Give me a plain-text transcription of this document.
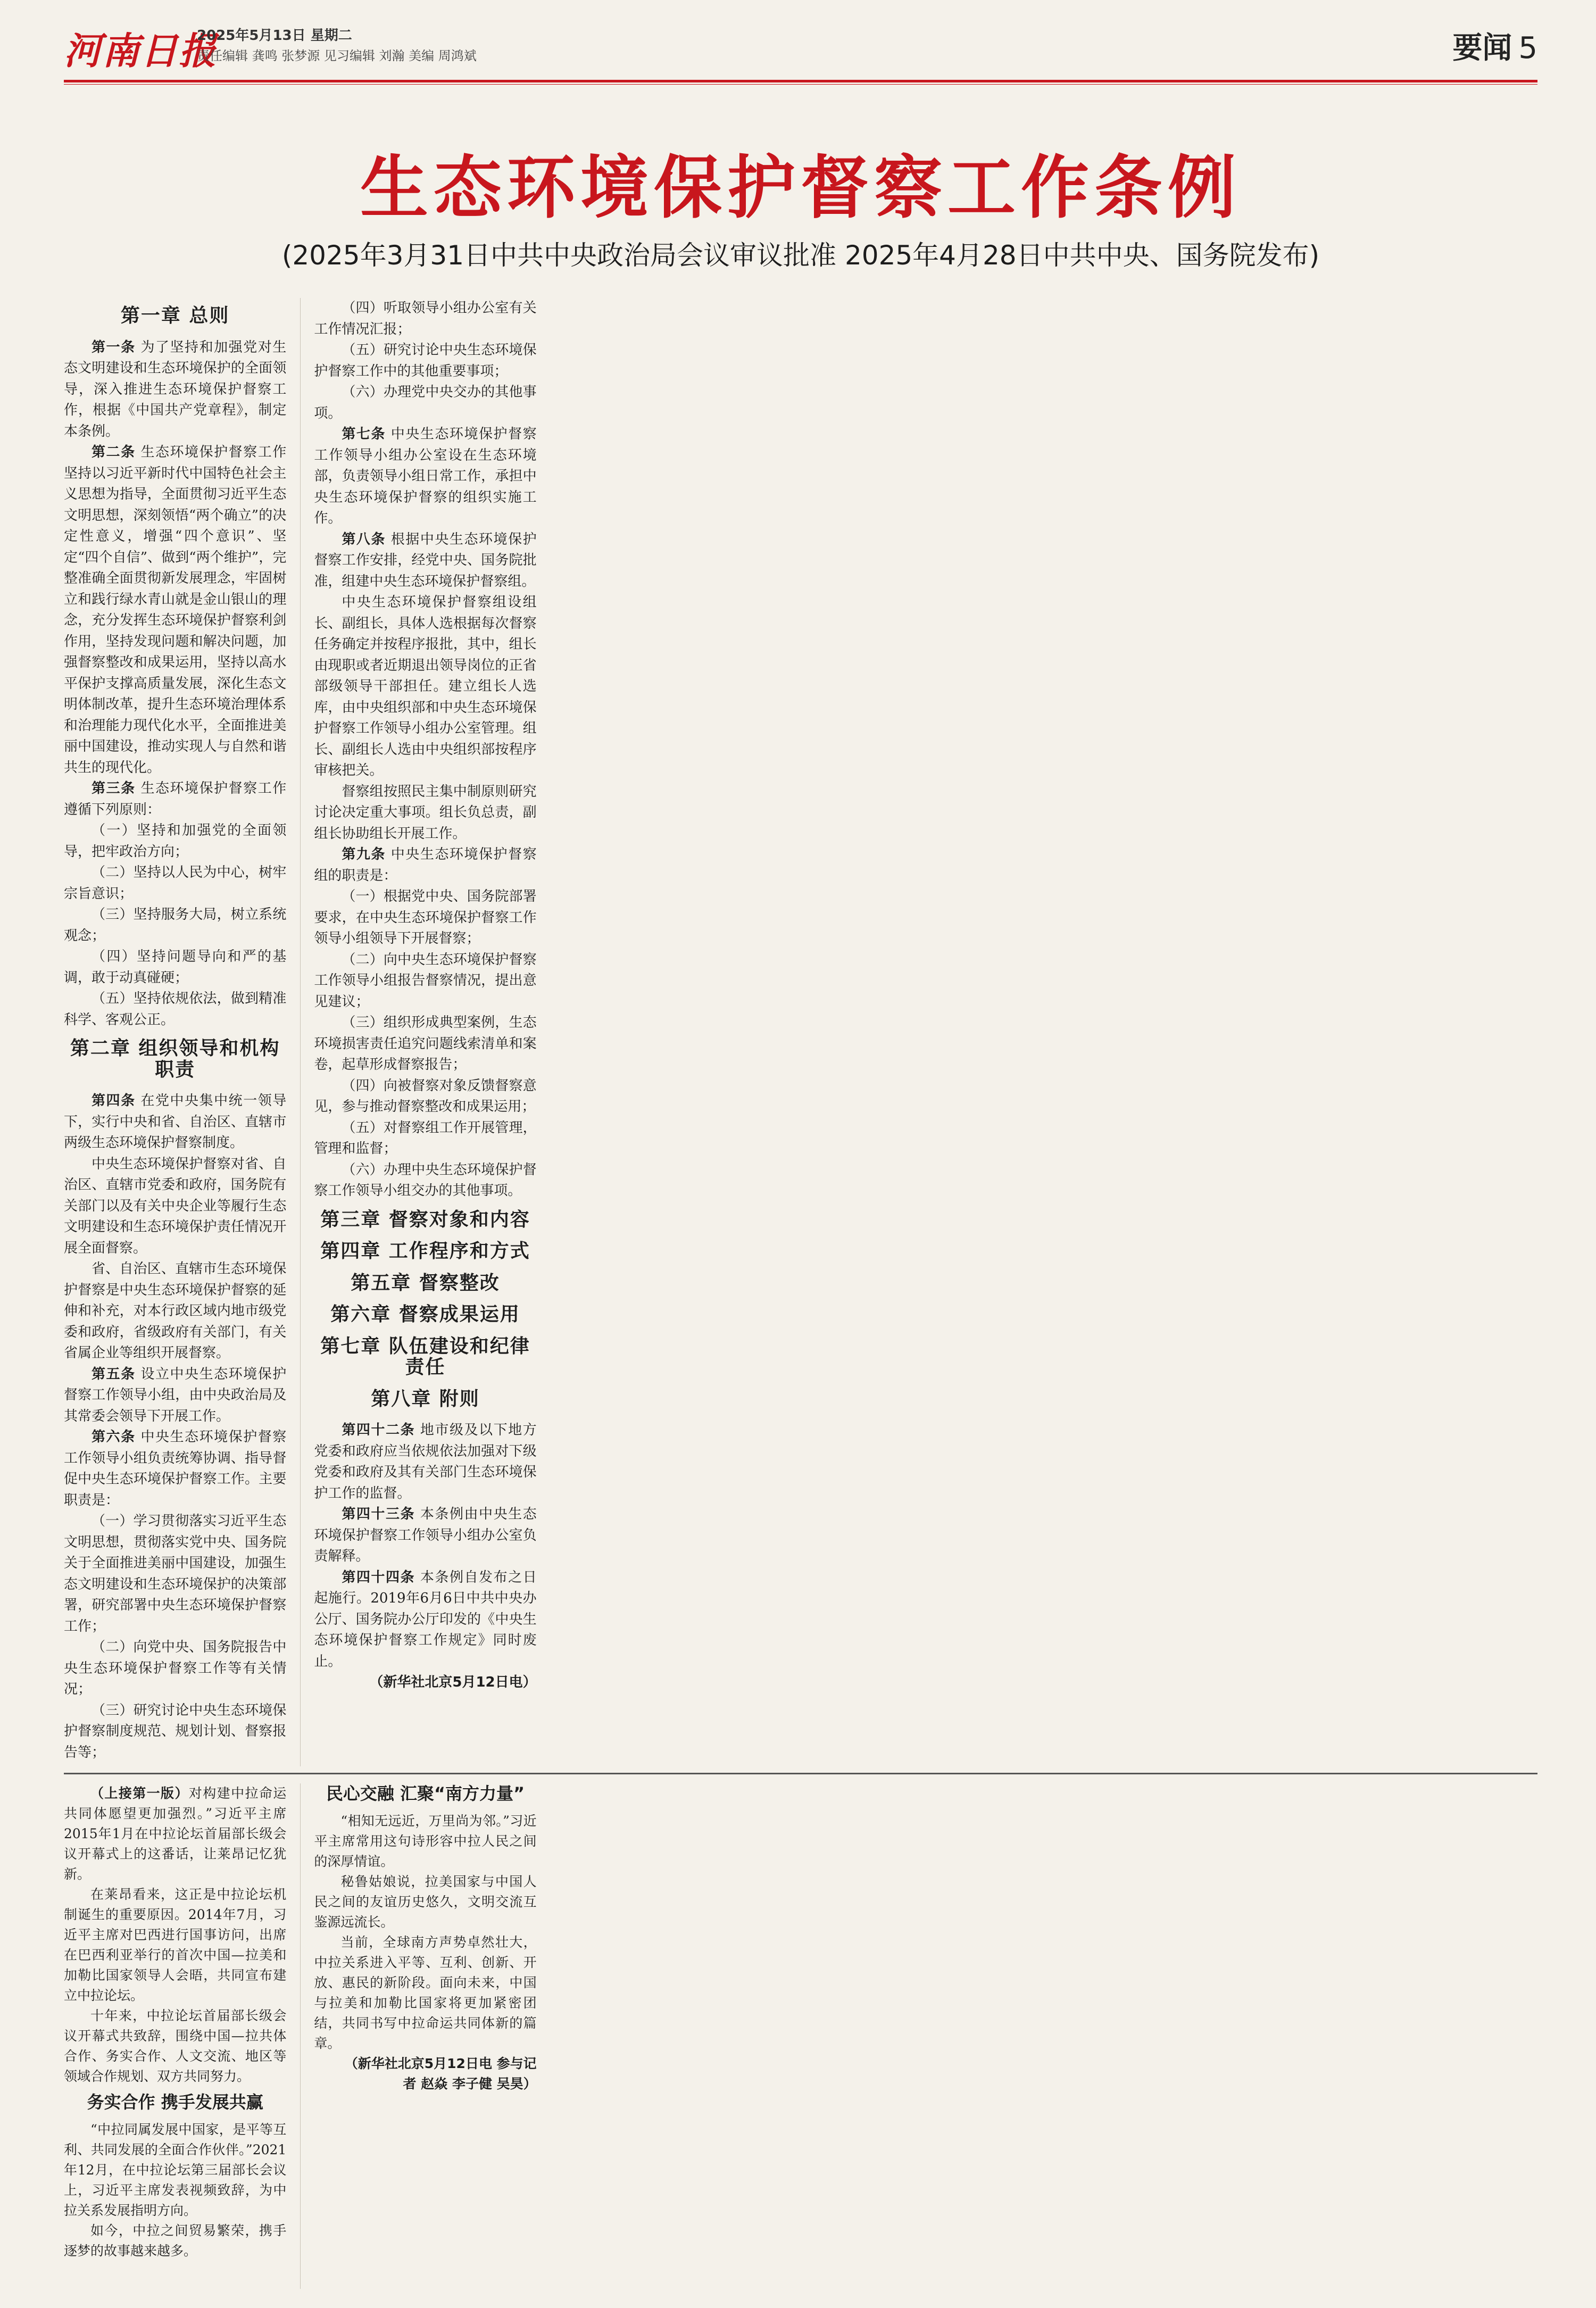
河南日报
2025年5月13日 星期二
责任编辑 龚鸣 张梦源 见习编辑 刘瀚 美编 周鸿斌	要闻 5
生态环境保护督察工作条例
(2025年3月31日中共中央政治局会议审议批准 2025年4月28日中共中央、国务院发布)
第一章 总则

第一条 为了坚持和加强党对生态文明建设和生态环境保护的全面领导，深入推进生态环境保护督察工作，根据《中国共产党章程》，制定本条例。

第二条 生态环境保护督察工作坚持以习近平新时代中国特色社会主义思想为指导，全面贯彻习近平生态文明思想，深刻领悟“两个确立”的决定性意义，增强“四个意识”、坚定“四个自信”、做到“两个维护”，完整准确全面贯彻新发展理念，牢固树立和践行绿水青山就是金山银山的理念，充分发挥生态环境保护督察利剑作用，坚持发现问题和解决问题，加强督察整改和成果运用，坚持以高水平保护支撑高质量发展，深化生态文明体制改革，提升生态环境治理体系和治理能力现代化水平，全面推进美丽中国建设，推动实现人与自然和谐共生的现代化。

第三条 生态环境保护督察工作遵循下列原则：

（一）坚持和加强党的全面领导，把牢政治方向；

（二）坚持以人民为中心，树牢宗旨意识；

（三）坚持服务大局，树立系统观念；

（四）坚持问题导向和严的基调，敢于动真碰硬；

（五）坚持依规依法，做到精准科学、客观公正。

第二章 组织领导和机构职责

第四条 在党中央集中统一领导下，实行中央和省、自治区、直辖市两级生态环境保护督察制度。

中央生态环境保护督察对省、自治区、直辖市党委和政府，国务院有关部门以及有关中央企业等履行生态文明建设和生态环境保护责任情况开展全面督察。

省、自治区、直辖市生态环境保护督察是中央生态环境保护督察的延伸和补充，对本行政区域内地市级党委和政府，省级政府有关部门，有关省属企业等组织开展督察。

第五条 设立中央生态环境保护督察工作领导小组，由中央政治局及其常委会领导下开展工作。

第六条 中央生态环境保护督察工作领导小组负责统筹协调、指导督促中央生态环境保护督察工作。主要职责是：

（一）学习贯彻落实习近平生态文明思想，贯彻落实党中央、国务院关于全面推进美丽中国建设，加强生态文明建设和生态环境保护的决策部署，研究部署中央生态环境保护督察工作；

（二）向党中央、国务院报告中央生态环境保护督察工作等有关情况；

（三）研究讨论中央生态环境保护督察制度规范、规划计划、督察报告等；

（四）听取领导小组办公室有关工作情况汇报；

（五）研究讨论中央生态环境保护督察工作中的其他重要事项；

（六）办理党中央交办的其他事项。

第七条 中央生态环境保护督察工作领导小组办公室设在生态环境部，负责领导小组日常工作，承担中央生态环境保护督察的组织实施工作。

第八条 根据中央生态环境保护督察工作安排，经党中央、国务院批准，组建中央生态环境保护督察组。

中央生态环境保护督察组设组长、副组长，具体人选根据每次督察任务确定并按程序报批，其中，组长由现职或者近期退出领导岗位的正省部级领导干部担任。建立组长人选库，由中央组织部和中央生态环境保护督察工作领导小组办公室管理。组长、副组长人选由中央组织部按程序审核把关。

督察组按照民主集中制原则研究讨论决定重大事项。组长负总责，副组长协助组长开展工作。

第九条 中央生态环境保护督察组的职责是：

（一）根据党中央、国务院部署要求，在中央生态环境保护督察工作领导小组领导下开展督察；

（二）向中央生态环境保护督察工作领导小组报告督察情况，提出意见建议；

（三）组织形成典型案例，生态环境损害责任追究问题线索清单和案卷，起草形成督察报告；

（四）向被督察对象反馈督察意见，参与推动督察整改和成果运用；

（五）对督察组工作开展管理，管理和监督；

（六）办理中央生态环境保护督察工作领导小组交办的其他事项。

第三章 督察对象和内容
第四章 工作程序和方式
第五章 督察整改
第六章 督察成果运用
第七章 队伍建设和纪律责任
第八章 附则

第四十二条 地市级及以下地方党委和政府应当依规依法加强对下级党委和政府及其有关部门生态环境保护工作的监督。

第四十三条 本条例由中央生态环境保护督察工作领导小组办公室负责解释。

第四十四条 本条例自发布之日起施行。2019年6月6日中共中央办公厅、国务院办公厅印发的《中央生态环境保护督察工作规定》同时废止。

（新华社北京5月12日电）

（上接第一版）对构建中拉命运共同体愿望更加强烈。”习近平主席2015年1月在中拉论坛首届部长级会议开幕式上的这番话，让莱昂记忆犹新。

在莱昂看来，这正是中拉论坛机制诞生的重要原因。2014年7月，习近平主席对巴西进行国事访问，出席在巴西利亚举行的首次中国—拉美和加勒比国家领导人会晤，共同宣布建立中拉论坛。

十年来，中拉论坛首届部长级会议开幕式共致辞，围绕中国—拉共体合作、务实合作、人文交流、地区等领域合作规划、双方共同努力。

务实合作 携手发展共赢

“中拉同属发展中国家，是平等互利、共同发展的全面合作伙伴。”2021年12月，在中拉论坛第三届部长会议上，习近平主席发表视频致辞，为中拉关系发展指明方向。

如今，中拉之间贸易繁荣，携手逐梦的故事越来越多。

民心交融 汇聚“南方力量”

“相知无远近，万里尚为邻。”习近平主席常用这句诗形容中拉人民之间的深厚情谊。

秘鲁姑娘说，拉美国家与中国人民之间的友谊历史悠久，文明交流互鉴源远流长。

当前，全球南方声势卓然壮大，中拉关系进入平等、互利、创新、开放、惠民的新阶段。面向未来，中国与拉美和加勒比国家将更加紧密团结，共同书写中拉命运共同体新的篇章。

（新华社北京5月12日电 参与记者 赵焱 李子健 吴昊）
